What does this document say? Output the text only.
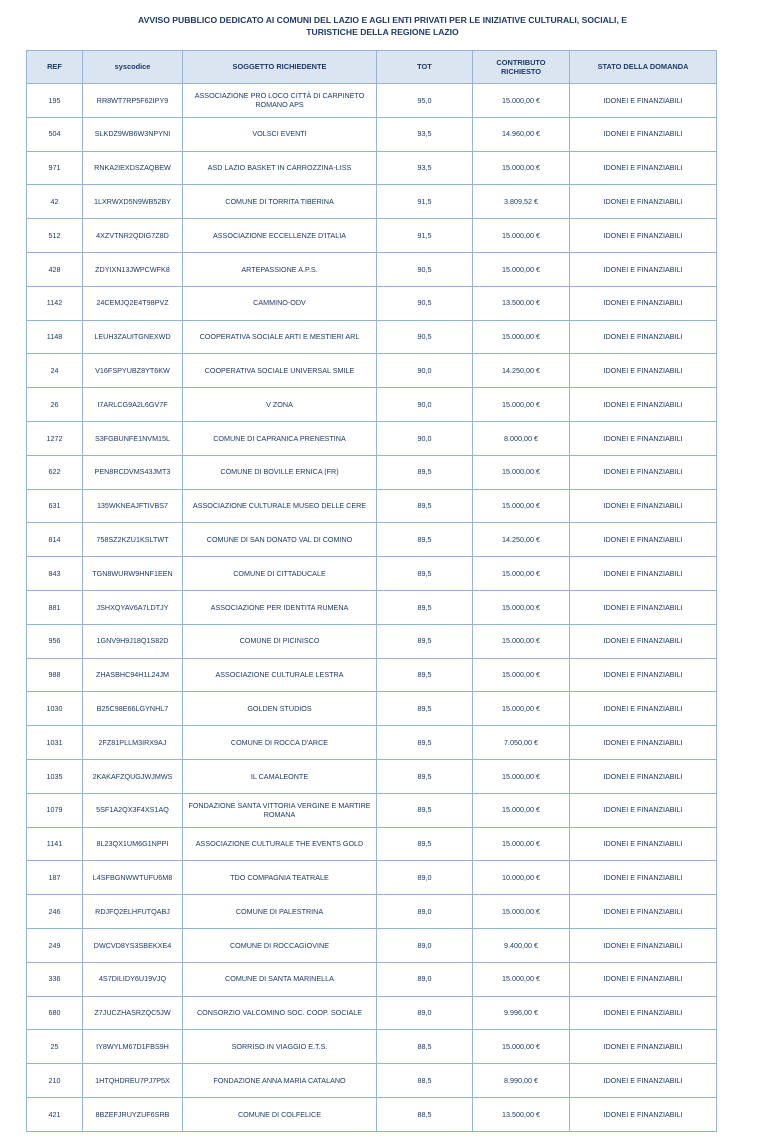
AVVISO PUBBLICO DEDICATO AI COMUNI DEL LAZIO E AGLI ENTI PRIVATI PER LE INIZIATIVE CULTURALI, SOCIALI, E
TURISTICHE DELLA REGIONE LAZIO
REF	syscodice	SOGGETTO RICHIEDENTE	TOT	CONTRIBUTO RICHIESTO	STATO DELLA DOMANDA
195	RR8WT7RP5F62IPY9	ASSOCIAZIONE PRO LOCO CITTÀ DI CARPINETO ROMANO APS	95,0	15.000,00 €	IDONEI E FINANZIABILI
504	SLKDZ9WB6W3NPYNI	VOLSCI EVENTI	93,5	14.960,00 €	IDONEI E FINANZIABILI
971	RNKA2IEXDSZAQBEW	ASD LAZIO BASKET IN CARROZZINA-LISS	93,5	15.000,00 €	IDONEI E FINANZIABILI
42	1LXRWXD5N9WB52BY	COMUNE DI TORRITA TIBERINA	91,5	3.809,52 €	IDONEI E FINANZIABILI
512	4XZVTNR2QDIG7Z8D	ASSOCIAZIONE ECCELLENZE D'ITALIA	91,5	15.000,00 €	IDONEI E FINANZIABILI
428	ZDYIXN13JWPCWFK8	ARTEPASSIONE A.P.S.	90,5	15.000,00 €	IDONEI E FINANZIABILI
1142	24CEMJQ2E4T98PVZ	CAMMINO-ODV	90,5	13.500,00 €	IDONEI E FINANZIABILI
1148	LEUH3ZAUITGNEXWD	COOPERATIVA SOCIALE ARTI E MESTIERI ARL	90,5	15.000,00 €	IDONEI E FINANZIABILI
24	V16FSPYUBZ8YT6KW	COOPERATIVA SOCIALE UNIVERSAL SMILE	90,0	14.250,00 €	IDONEI E FINANZIABILI
26	I7ARLCG9A2L6GV7F	V ZONA	90,0	15.000,00 €	IDONEI E FINANZIABILI
1272	S3FGBUNFE1NVM15L	COMUNE DI CAPRANICA PRENESTINA	90,0	8.000,00 €	IDONEI E FINANZIABILI
622	PEN8RCDVMS43JMT3	COMUNE DI BOVILLE ERNICA (FR)	89,5	15.000,00 €	IDONEI E FINANZIABILI
631	135WKNEAJFTIVBS7	ASSOCIAZIONE CULTURALE MUSEO DELLE CERE	89,5	15.000,00 €	IDONEI E FINANZIABILI
814	758SZ2KZU1KSLTWT	COMUNE DI SAN DONATO VAL DI COMINO	89,5	14.250,00 €	IDONEI E FINANZIABILI
843	TGN8WURW9HNF1EEN	COMUNE DI CITTADUCALE	89,5	15.000,00 €	IDONEI E FINANZIABILI
881	JSHXQYAV6A7LDTJY	ASSOCIAZIONE PER IDENTITA RUMENA	89,5	15.000,00 €	IDONEI E FINANZIABILI
956	1GNV9H9J18Q1S82D	COMUNE DI PICINISCO	89,5	15.000,00 €	IDONEI E FINANZIABILI
988	ZHASBHC94H1L24JM	ASSOCIAZIONE CULTURALE LESTRA	89,5	15.000,00 €	IDONEI E FINANZIABILI
1030	B25C98E66LGYNHL7	GOLDEN STUDIOS	89,5	15.000,00 €	IDONEI E FINANZIABILI
1031	2FZ81PLLM3IRX9AJ	COMUNE DI ROCCA D'ARCE	89,5	7.050,00 €	IDONEI E FINANZIABILI
1035	2KAKAFZQUGJWJMWS	IL CAMALEONTE	89,5	15.000,00 €	IDONEI E FINANZIABILI
1079	5SF1A2QX3F4XS1AQ	FONDAZIONE SANTA VITTORIA VERGINE E MARTIRE ROMANA	89,5	15.000,00 €	IDONEI E FINANZIABILI
1141	8L23QX1UM6G1NPPI	ASSOCIAZIONE CULTURALE THE EVENTS GOLD	89,5	15.000,00 €	IDONEI E FINANZIABILI
187	L4SFBGNWWTUFU6M8	TDO COMPAGNIA TEATRALE	89,0	10.000,00 €	IDONEI E FINANZIABILI
246	RDJFQ2ELHFUTQABJ	COMUNE DI PALESTRINA	89,0	15.000,00 €	IDONEI E FINANZIABILI
249	DWCVD8YS3SBEKXE4	COMUNE DI ROCCAGIOVINE	89,0	9.400,00 €	IDONEI E FINANZIABILI
336	4S7DILIDY6U19VJQ	COMUNE DI SANTA MARINELLA	89,0	15.000,00 €	IDONEI E FINANZIABILI
680	Z7JUCZHASRZQC5JW	CONSORZIO VALCOMINO SOC. COOP. SOCIALE	89,0	9.996,00 €	IDONEI E FINANZIABILI
25	IY8WYLM67D1FBS9H	SORRISO IN VIAGGIO E.T.S.	88,5	15.000,00 €	IDONEI E FINANZIABILI
210	1HTQHDREU7PJ7P5X	FONDAZIONE ANNA MARIA CATALANO	88,5	8.990,00 €	IDONEI E FINANZIABILI
421	8BZEFJRUYZUF6SRB	COMUNE DI COLFELICE	88,5	13.500,00 €	IDONEI E FINANZIABILI
